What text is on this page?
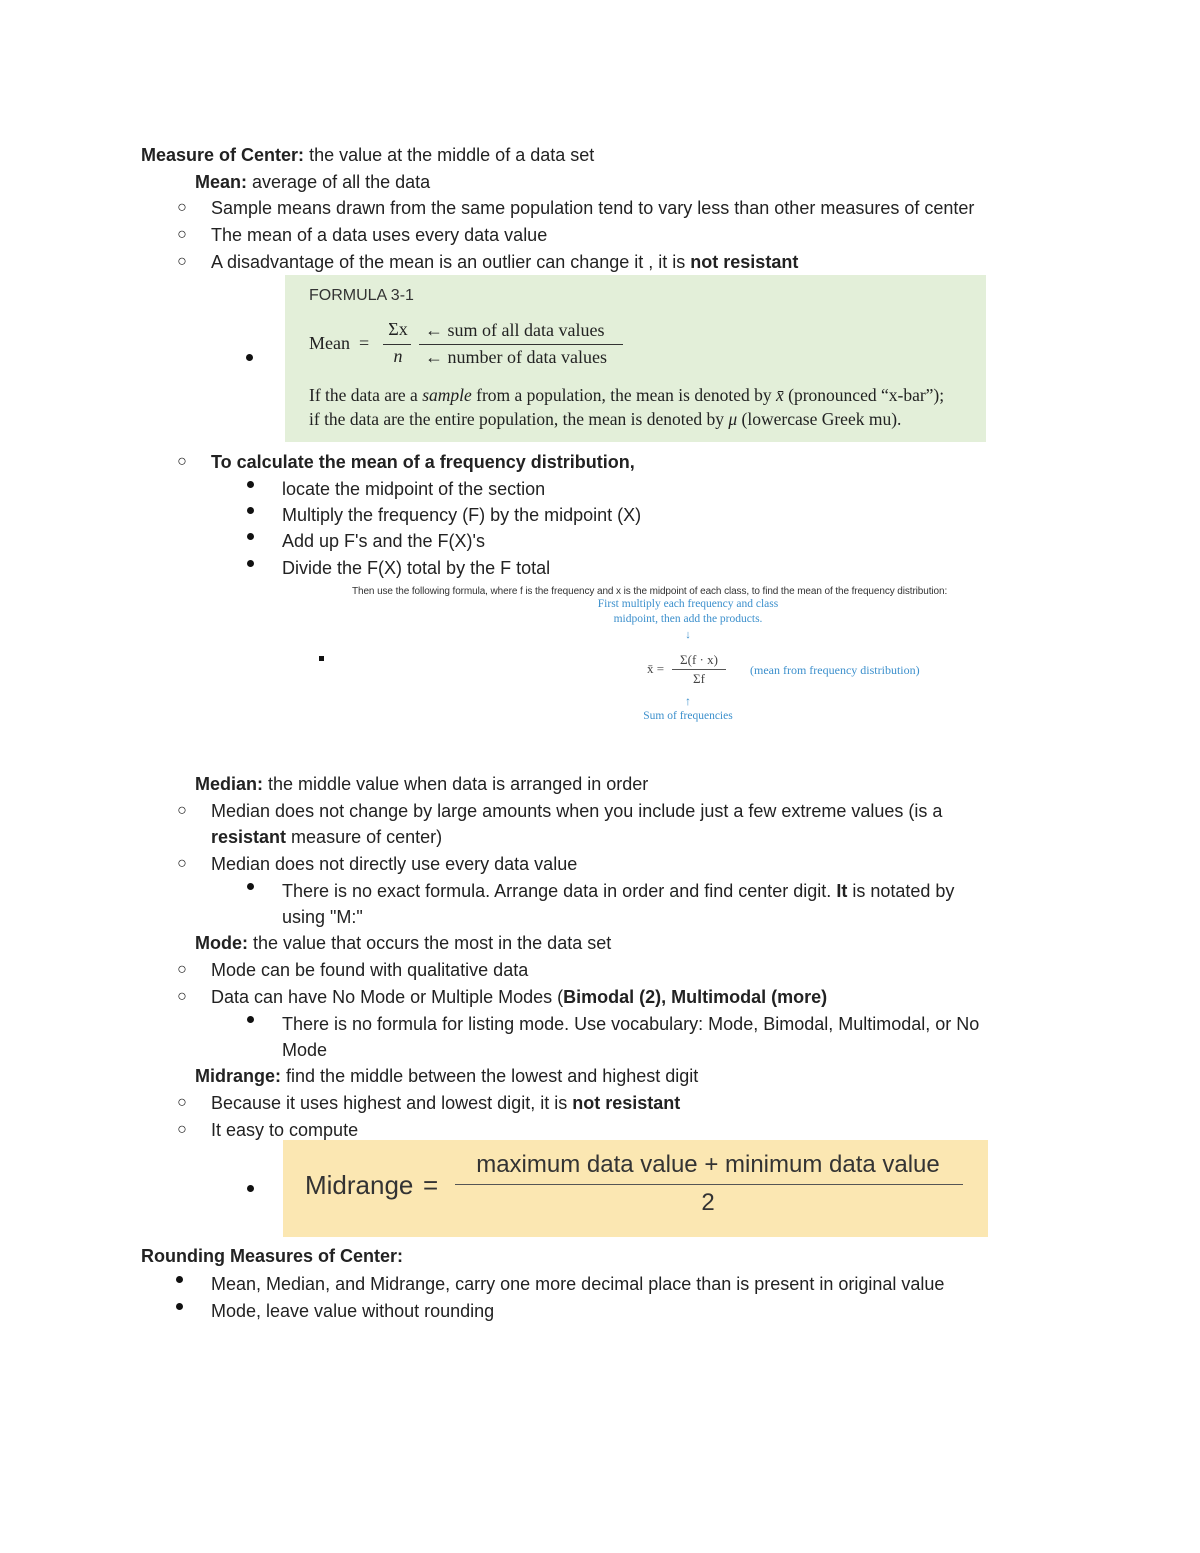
Measure of Center: the value at the middle of a data set
Mean: average of all the data
○ Sample means drawn from the same population tend to vary less than other measures of center
○ The mean of a data uses every data value
○ A disadvantage of the mean is an outlier can change it , it is not resistant
FORMULA 3-1
Mean =
Σx
n
← sum of all data values
← number of data values
If the data are a sample from a population, the mean is denoted by x̄ (pronounced “x-bar”);
if the data are the entire population, the mean is denoted by μ (lowercase Greek mu).
○ To calculate the mean of a frequency distribution,
locate the midpoint of the section
Multiply the frequency (F) by the midpoint (X)
Add up F's and the F(X)'s
Divide the F(X) total by the F total
Then use the following formula, where f is the frequency and x is the midpoint of each class, to find the mean of the frequency distribution:
First multiply each frequency and class
midpoint, then add the products.
↓
x̄ =
Σ(f · x)
Σf
(mean from frequency distribution)
↑
Sum of frequencies
Median: the middle value when data is arranged in order
○ Median does not change by large amounts when you include just a few extreme values (is a
resistant measure of center)
○ Median does not directly use every data value
There is no exact formula. Arrange data in order and find center digit. It is notated by
using "M:"
Mode: the value that occurs the most in the data set
○ Mode can be found with qualitative data
○ Data can have No Mode or Multiple Modes (Bimodal (2), Multimodal (more)
There is no formula for listing mode. Use vocabulary: Mode, Bimodal, Multimodal, or No
Mode
Midrange: find the middle between the lowest and highest digit
○ Because it uses highest and lowest digit, it is not resistant
○ It easy to compute
Midrange =
maximum data value + minimum data value
2
Rounding Measures of Center:
Mean, Median, and Midrange, carry one more decimal place than is present in original value
Mode, leave value without rounding
